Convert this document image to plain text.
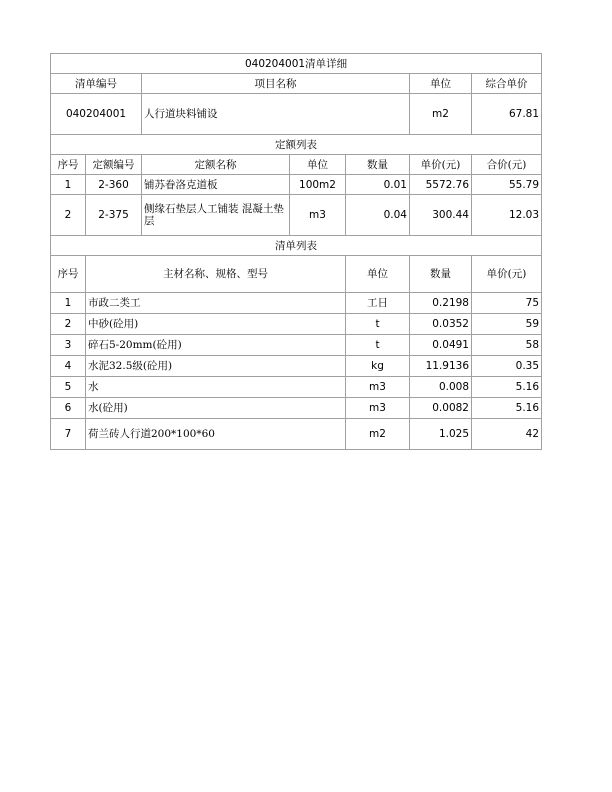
040204001清单详细							
清单编号		项目名称			单位	综合单价	
040204001		人行道块料铺设			m2	67.81	
定额列表							
序号	定额编号	定额名称	单位	数量	单价(元)	合价(元)	
1	2-360	铺苏眷洛克道板	100m2	0.01	5572.76	55.79	
2	2-375	侧缘石垫层人工铺装 混凝土垫层	m3	0.04	300.44	12.03	
清单列表							
序号	主材名称、规格、型号			单位	数量	单价(元)	
1	市政二类工			工日	0.2198	75	
2	中砂(砼用)			t	0.0352	59	
3	碎石5-20mm(砼用)			t	0.0491	58	
4	水泥32.5级(砼用)			kg	11.9136	0.35	
5	水			m3	0.008	5.16	
6	水(砼用)			m3	0.0082	5.16	
7	荷兰砖人行道200*100*60			m2	1.025	42	
